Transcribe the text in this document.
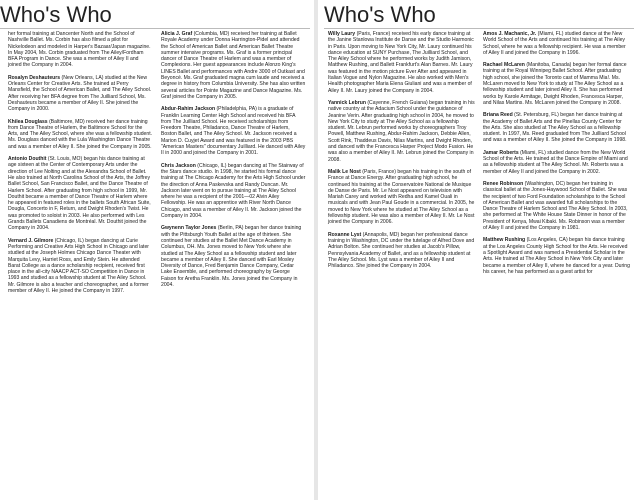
Who's Who

her formal training at Dancenter North and the School of Nashville Ballet. Ms. Corbin has also filmed a pilot for Nickelodeon and modeled in Harper's Bazaar/Japan magazine. In May 2004, Ms. Corbin graduated from The Ailey/Fordham BFA Program in Dance. She was a member of Ailey II and joined the Company in 2004.

Rosalyn Deshauteurs (New Orleans, LA) studied at the New Orleans Center for Creative Arts. She trained at Perry Mansfield, the School of American Ballet, and The Ailey School. After receiving her BFA degree from The Juilliard School, Ms. Deshauteurs became a member of Ailey II. She joined the Company in 2000.

Khilea Douglass (Baltimore, MD) received her dance training from Dance Theatre of Harlem, the Baltimore School for the Arts, and The Ailey School, where she was a fellowship student. Ms. Douglass danced with the Lula Washington Dance Theatre and was a member of Ailey II. She joined the Company in 2005.

Antonio Douthit (St. Louis, MO) began his dance training at age sixteen at the Center of Contemporary Arts under the direction of Lee Nolting and at the Alexandra School of Ballet. He also trained at North Carolina School of the Arts, the Joffrey Ballet School, San Francisco Ballet, and the Dance Theatre of Harlem School. After graduating from high school in 1999, Mr. Douthit became a member of Dance Theatre of Harlem where he appeared in featured roles in the ballets South African Suite, Dougla, Concerto in F, Return, and Dwight Rhoden's Twist. He was promoted to soloist in 2003. He also performed with Les Grands Ballets Canadiens de Montréal. Mr. Douthit joined the Company in 2004.

Vernard J. Gilmore (Chicago, IL) began dancing at Curie Performing and Creative Arts High School in Chicago and later studied at the Joseph Holmes Chicago Dance Theater with Marquita Levy, Harriet Ross, and Emily Stein. He attended Barat College as a dance scholarship recipient, received first place in the all-city NAACP ACT-SO Competition in Dance in 1993 and studied as a fellowship student at The Ailey School. Mr. Gilmore is also a teacher and choreographer, and a former member of Ailey II. He joined the Company in 1997.

Alicia J. Graf (Columbia, MD) received her training at Ballet Royale Academy under Donna Harrington-Pidel and attended the School of American Ballet and American Ballet Theatre summer intensive programs. Ms. Graf is a former principal dancer of Dance Theatre of Harlem and was a member of Complexions. Her guest appearances include Alonzo King's LINES Ballet and performances with Andre 3000 of Outkast and Beyoncé. Ms. Graf graduated magna cum laude and received a degree in history from Columbia University. She has also written several articles for Pointe Magazine and Dance Magazine. Ms. Graf joined the Company in 2005.

Abdur-Rahim Jackson (Philadelphia, PA) is a graduate of Franklin Learning Center High School and received his BFA from The Juilliard School. He received scholarships from Freedom Theatre, Philadanco, Dance Theatre of Harlem, Boston Ballet, and The Ailey School. Mr. Jackson received a Marion D. Cuyjet Award and was featured in the 2003 PBS "American Masters" documentary Juilliard. He danced with Ailey II in 2000 and joined the Company in 2001.

Chris Jackson (Chicago, IL) began dancing at The Stairway of the Stars dance studio. In 1998, he started his formal dance training at The Chicago Academy for the Arts High School under the direction of Anna Paskevska and Randy Duncan. Mr. Jackson later went on to pursue training at The Ailey School where he was a recipient of the 2001—02 Alvin Ailey Fellowship. He was an apprentice with River North Dance Chicago, and was a member of Ailey II. Mr. Jackson joined the Company in 2004.

Gwynenn Taylor Jones (Berlin, PA) began her dance training with the Pittsburgh Youth Ballet at the age of thirteen. She continued her studies at the Ballet Met Dance Academy in Columbus, OH. Ms. Jones moved to New York where she studied at The Ailey School as a fellowship student and later became a member of Ailey II. She danced with Earl Mosley Diversity of Dance, Fred Benjamin Dance Company, Cedar Lake Ensemble, and performed choreography by George Faison for Aretha Franklin. Ms. Jones joined the Company in 2004.

Who's Who

Willy Laury (Paris, France) received his early dance training at the Janine Stanlowa Institute de Danse and the Studio Harmonic in Paris. Upon moving to New York City, Mr. Laury continued his dance education at SUNY Purchase, The Juilliard School, and The Ailey School where he performed works by Judith Jamison, Matthew Rushing, and Ballett Frankfurt's Alan Barnes. Mr. Laury was featured in the motion picture Ever After and appeared in Italian Vogue and Nylon Magazine. He also worked with Men's Health photographer Maria Elena Giuliani and was a member of Ailey II. Mr. Laury joined the Company in 2004.

Yannick Lebrun (Cayenne, French Guiana) began training in his native country at the Adacium School under the guidance of Jeanine Verin. After graduating high school in 2004, he moved to New York City to study at The Ailey School as a fellowship student. Mr. Lebrun performed works by choreographers Troy Powell, Matthew Rushing, Abdur-Rahim Jackson, Debbie Allen, Scott Rink, Thaddeus Davis, Nilas Martins, and Dwight Rhoden, and danced with the Francesca Harper Project Modo Fusion. He was also a member of Ailey II. Mr. Lebrun joined the Company in 2008.

Malik Le Nost (Paris, France) began his training in the south of France at Dance Energy. After graduating high school, he continued his training at the Conservatoire National de Musique de Danse de Paris. Mr. Le Nost appeared on television with Mariah Carey and worked with Redha and Kamel Ouali in musicals and with Jean Paul Goude in a commercial. In 2005, he moved to New York where he studied at The Ailey School as a fellowship student. He was also a member of Ailey II. Mr. Le Nost joined the Company in 2006.

Roxanne Lyst (Annapolis, MD) began her professional dance training in Washington, DC under the tutelage of Alfred Dove and Adrian Bolton. She continued her studies at Jacob's Pillow, Pennsylvania Academy of Ballet, and as a fellowship student at The Ailey School. Ms. Lyst was a member of Ailey II and Philadanco. She joined the Company in 2004.

Amos J. Machanic, Jr. (Miami, FL) studied dance at the New World School of the Arts and continued his training at The Ailey School, where he was a fellowship recipient. He was a member of Ailey II and joined the Company in 1996.

Rachael McLaren (Manitoba, Canada) began her formal dance training at the Royal Winnipeg Ballet School. After graduating high school, she joined the Toronto cast of Mamma Mia!. Ms. McLaren moved to New York to study at The Ailey School as a fellowship student and later joined Ailey II. She has performed works by Karole Armitage, Dwight Rhoden, Francesca Harper, and Nilas Martins. Ms. McLaren joined the Company in 2008.

Briana Reed (St. Petersburg, FL) began her dance training at the Academy of Ballet Arts and the Pinellas County Center for the Arts. She also studied at The Ailey School as a fellowship student. In 1997, Ms. Reed graduated from The Juilliard School and was a member of Ailey II. She joined the Company in 1998.

Jamar Roberts (Miami, FL) studied dance from the New World School of the Arts. He trained at the Dance Empire of Miami and as a fellowship student at The Ailey School. Mr. Roberts was a member of Ailey II and joined the Company in 2002.

Renee Robinson (Washington, DC) began her training in classical ballet at the Jones-Haywood School of Ballet. She was the recipient of two Ford Foundation scholarships to the School of American Ballet and was awarded full scholarships to the Dance Theatre of Harlem School and The Ailey School. In 2003, she performed at The White House State Dinner in honor of the President of Kenya, Mwai Kibaki. Ms. Robinson was a member of Ailey II and joined the Company in 1981.

Matthew Rushing (Los Angeles, CA) began his dance training at the Los Angeles County High School for the Arts. He received a Spotlight Award and was named a Presidential Scholar in the Arts. He trained at The Ailey School in New York City and later became a member of Ailey II, where he danced for a year. During his career, he has performed as a guest artist for
